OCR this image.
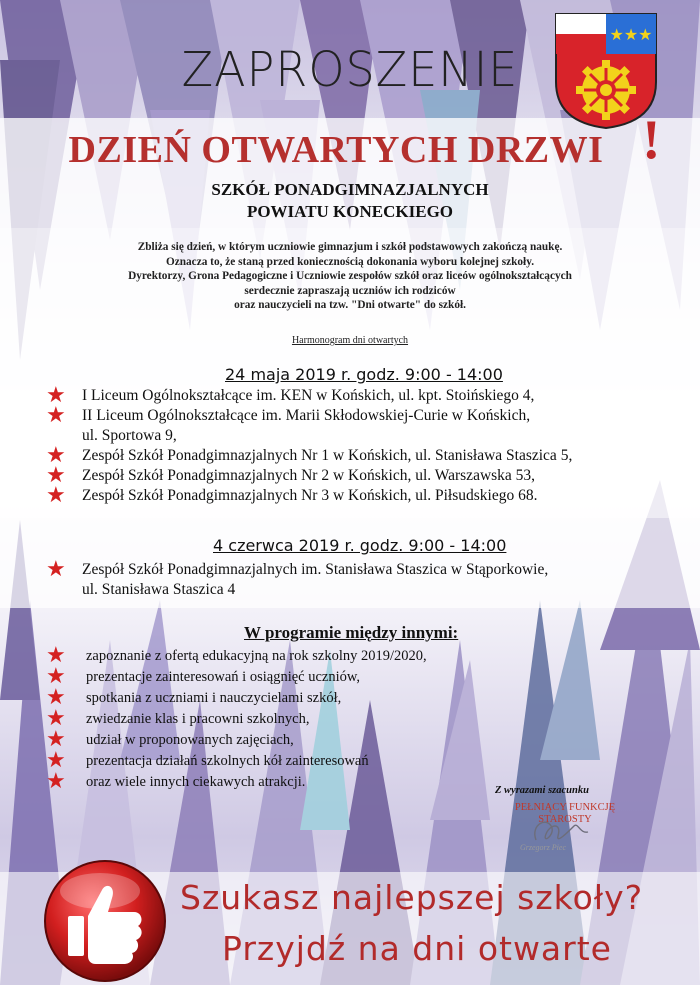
ZAPROSZENIE
★★★
DZIEŃ OTWARTYCH DRZWI !
SZKÓŁ PONADGIMNAZJALNYCH
POWIATU KONECKIEGO
Zbliża się dzień, w którym uczniowie gimnazjum i szkół podstawowych zakończą naukę.
Oznacza to, że staną przed koniecznością dokonania wyboru kolejnej szkoły.
Dyrektorzy, Grona Pedagogiczne i Uczniowie zespołów szkół oraz liceów ogólnokształcących
serdecznie zapraszają uczniów ich rodziców
oraz nauczycieli na tzw. "Dni otwarte" do szkół.
Harmonogram dni otwartych
24 maja 2019 r. godz. 9:00 - 14:00
★ I Liceum Ogólnokształcące im. KEN w Końskich, ul. kpt. Stoińskiego 4,
★ II Liceum Ogólnokształcące im. Marii Skłodowskiej-Curie w Końskich,
ul. Sportowa 9,
★ Zespół Szkół Ponadgimnazjalnych Nr 1 w Końskich, ul. Stanisława Staszica 5,
★ Zespół Szkół Ponadgimnazjalnych Nr 2 w Końskich, ul. Warszawska 53,
★ Zespół Szkół Ponadgimnazjalnych Nr 3 w Końskich, ul. Piłsudskiego 68.
4 czerwca 2019 r. godz. 9:00 - 14:00
★ Zespół Szkół Ponadgimnazjalnych im. Stanisława Staszica w Stąporkowie,
ul. Stanisława Staszica 4
W programie między innymi:
★ zapoznanie z ofertą edukacyjną na rok szkolny 2019/2020,
★ prezentacje zainteresowań i osiągnięć uczniów,
★ spotkania z uczniami i nauczycielami szkół,
★ zwiedzanie klas i pracowni szkolnych,
★ udział w proponowanych zajęciach,
★ prezentacja działań szkolnych kół zainteresowań
★ oraz wiele innych ciekawych atrakcji.
Z wyrazami szacunku
PEŁNIĄCY FUNKCJĘ
STAROSTY
Grzegorz Piec
Szukasz najlepszej szkoły?
Przyjdź na dni otwarte
